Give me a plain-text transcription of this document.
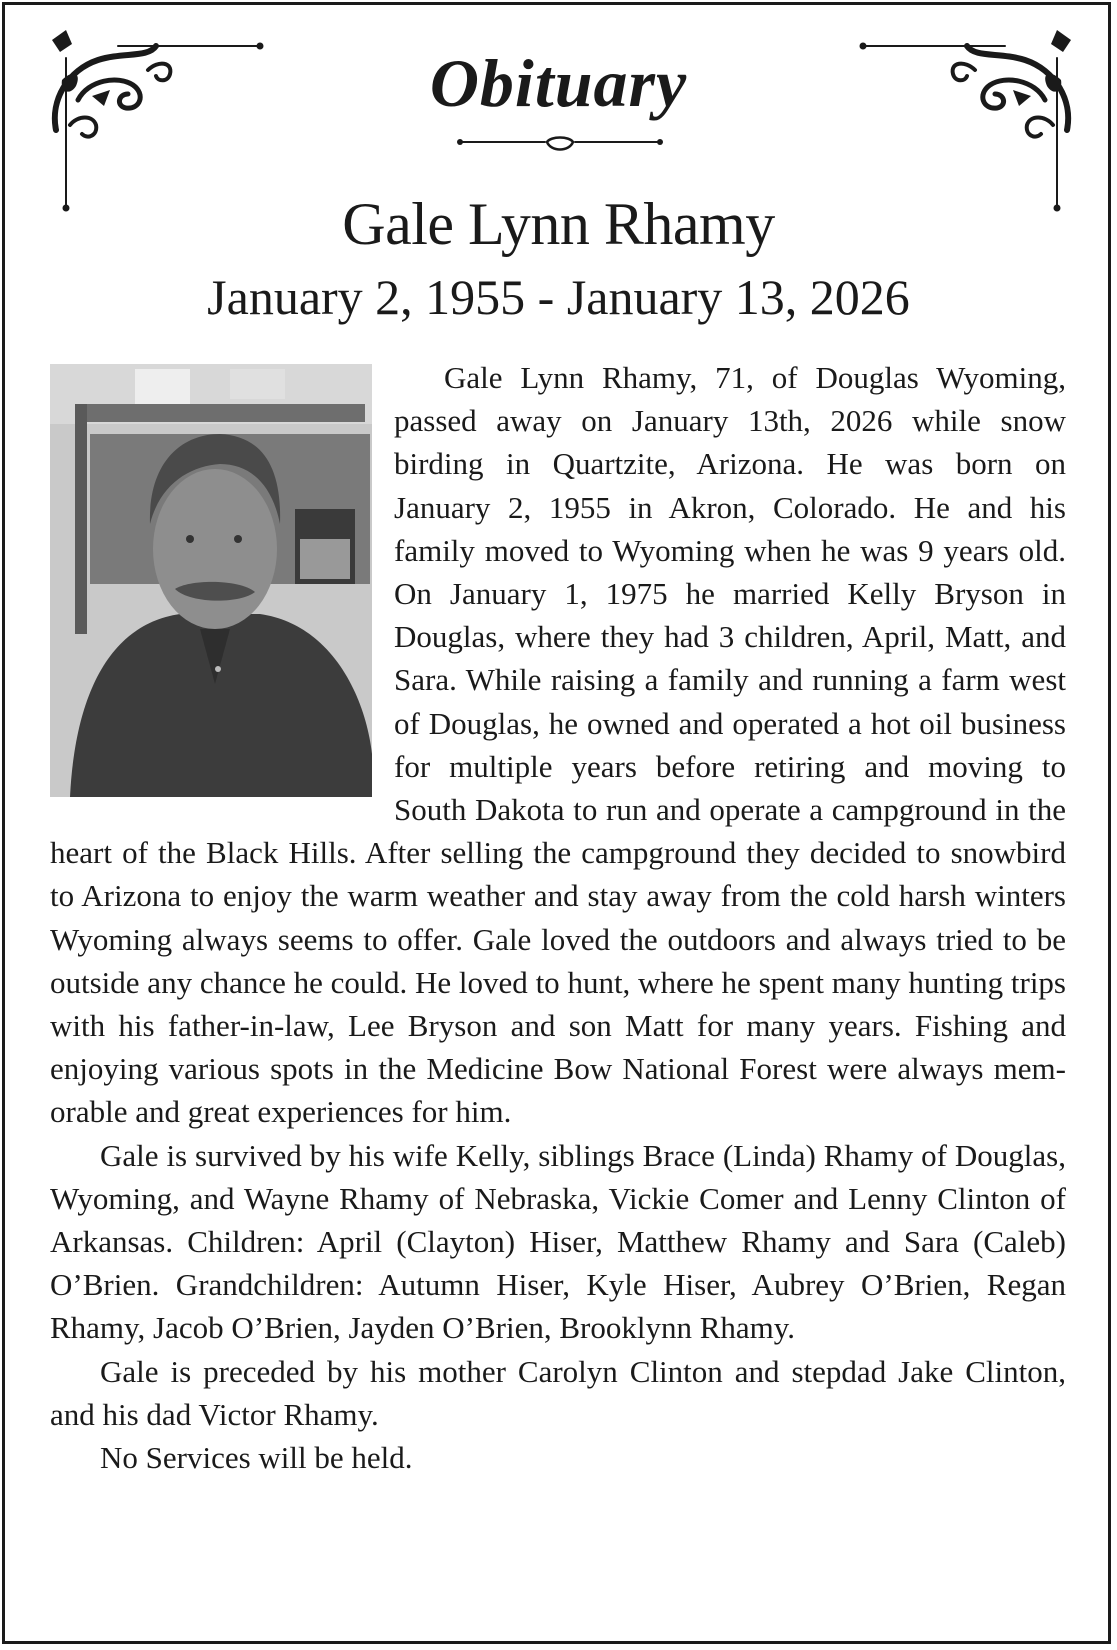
Obituary
Gale Lynn Rhamy
January 2, 1955 - January 13, 2026

Gale Lynn Rhamy, 71, of Douglas Wyoming, passed away on January 13th, 2026 while snow birding in Quartzite, Arizona. He was born on January 2, 1955 in Akron, Colorado. He and his family moved to Wyoming when he was 9 years old. On January 1, 1975 he married Kelly Bryson in Douglas, where they had 3 children, April, Matt, and Sara. While raising a family and running a farm west of Douglas, he owned and operated a hot oil business for multiple years before retiring and moving to South Dakota to run and operate a campground in the heart of the Black Hills. After selling the campground they decided to snowbird to Arizona to enjoy the warm weather and stay away from the cold harsh winters Wyoming always seems to offer. Gale loved the outdoors and always tried to be outside any chance he could. He loved to hunt, where he spent many hunting trips with his father-in-law, Lee Bryson and son Matt for many years. Fishing and enjoying various spots in the Medicine Bow National Forest were always memorable and great experiences for him.

Gale is survived by his wife Kelly, siblings Brace (Linda) Rhamy of Douglas, Wyoming, and Wayne Rhamy of Nebraska, Vickie Comer and Lenny Clinton of Arkansas. Children: April (Clayton) Hiser, Matthew Rhamy and Sara (Caleb) O’Brien. Grandchildren: Autumn Hiser, Kyle Hiser, Aubrey O’Brien, Regan Rhamy, Jacob O’Brien, Jayden O’Brien, Brooklynn Rhamy.

Gale is preceded by his mother Carolyn Clinton and stepdad Jake Clinton, and his dad Victor Rhamy.

No Services will be held.
